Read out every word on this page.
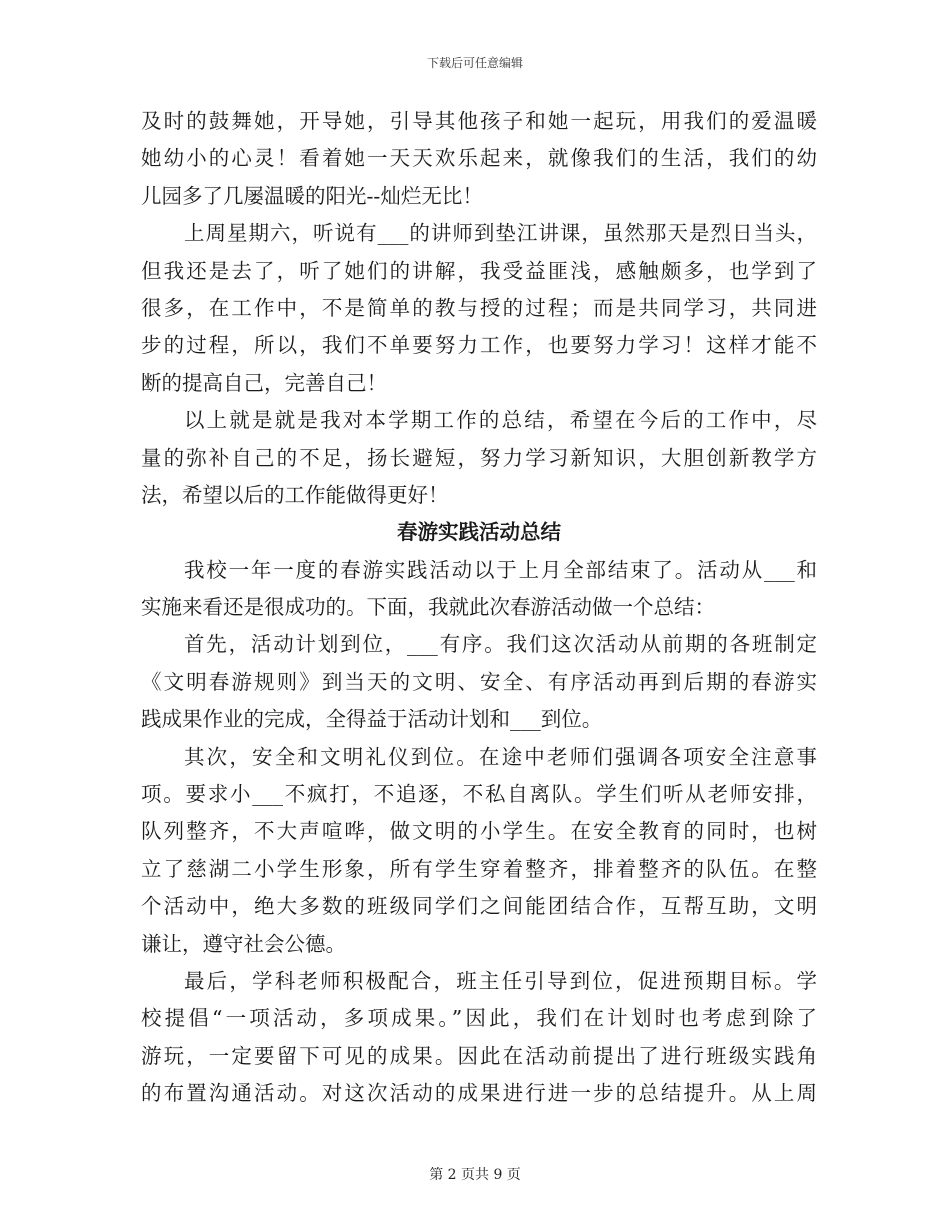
下载后可任意编辑
及时的鼓舞她，开导她，引导其他孩子和她一起玩，用我们的爱温暖
她幼小的心灵！看着她一天天欢乐起来，就像我们的生活，我们的幼
儿园多了几屡温暖的阳光--灿烂无比！
上周星期六，听说有___的讲师到垫江讲课，虽然那天是烈日当头，
但我还是去了，听了她们的讲解，我受益匪浅，感触颇多，也学到了
很多，在工作中，不是简单的教与授的过程；而是共同学习，共同进
步的过程，所以，我们不单要努力工作，也要努力学习！这样才能不
断的提高自己，完善自己！
以上就是就是我对本学期工作的总结，希望在今后的工作中，尽
量的弥补自己的不足，扬长避短，努力学习新知识，大胆创新教学方
法，希望以后的工作能做得更好！
春游实践活动总结
我校一年一度的春游实践活动以于上月全部结束了。活动从___和
实施来看还是很成功的。下面，我就此次春游活动做一个总结：
首先，活动计划到位，___有序。我们这次活动从前期的各班制定
《文明春游规则》到当天的文明、安全、有序活动再到后期的春游实
践成果作业的完成，全得益于活动计划和___到位。
其次，安全和文明礼仪到位。在途中老师们强调各项安全注意事
项。要求小___不疯打，不追逐，不私自离队。学生们听从老师安排，
队列整齐，不大声喧哗，做文明的小学生。在安全教育的同时，也树
立了慈湖二小学生形象，所有学生穿着整齐，排着整齐的队伍。在整
个活动中，绝大多数的班级同学们之间能团结合作，互帮互助，文明
谦让，遵守社会公德。
最后，学科老师积极配合，班主任引导到位，促进预期目标。学
校提倡“一项活动，多项成果。”因此，我们在计划时也考虑到除了
游玩，一定要留下可见的成果。因此在活动前提出了进行班级实践角
的布置沟通活动。对这次活动的成果进行进一步的总结提升。从上周
第 2 页共 9 页
